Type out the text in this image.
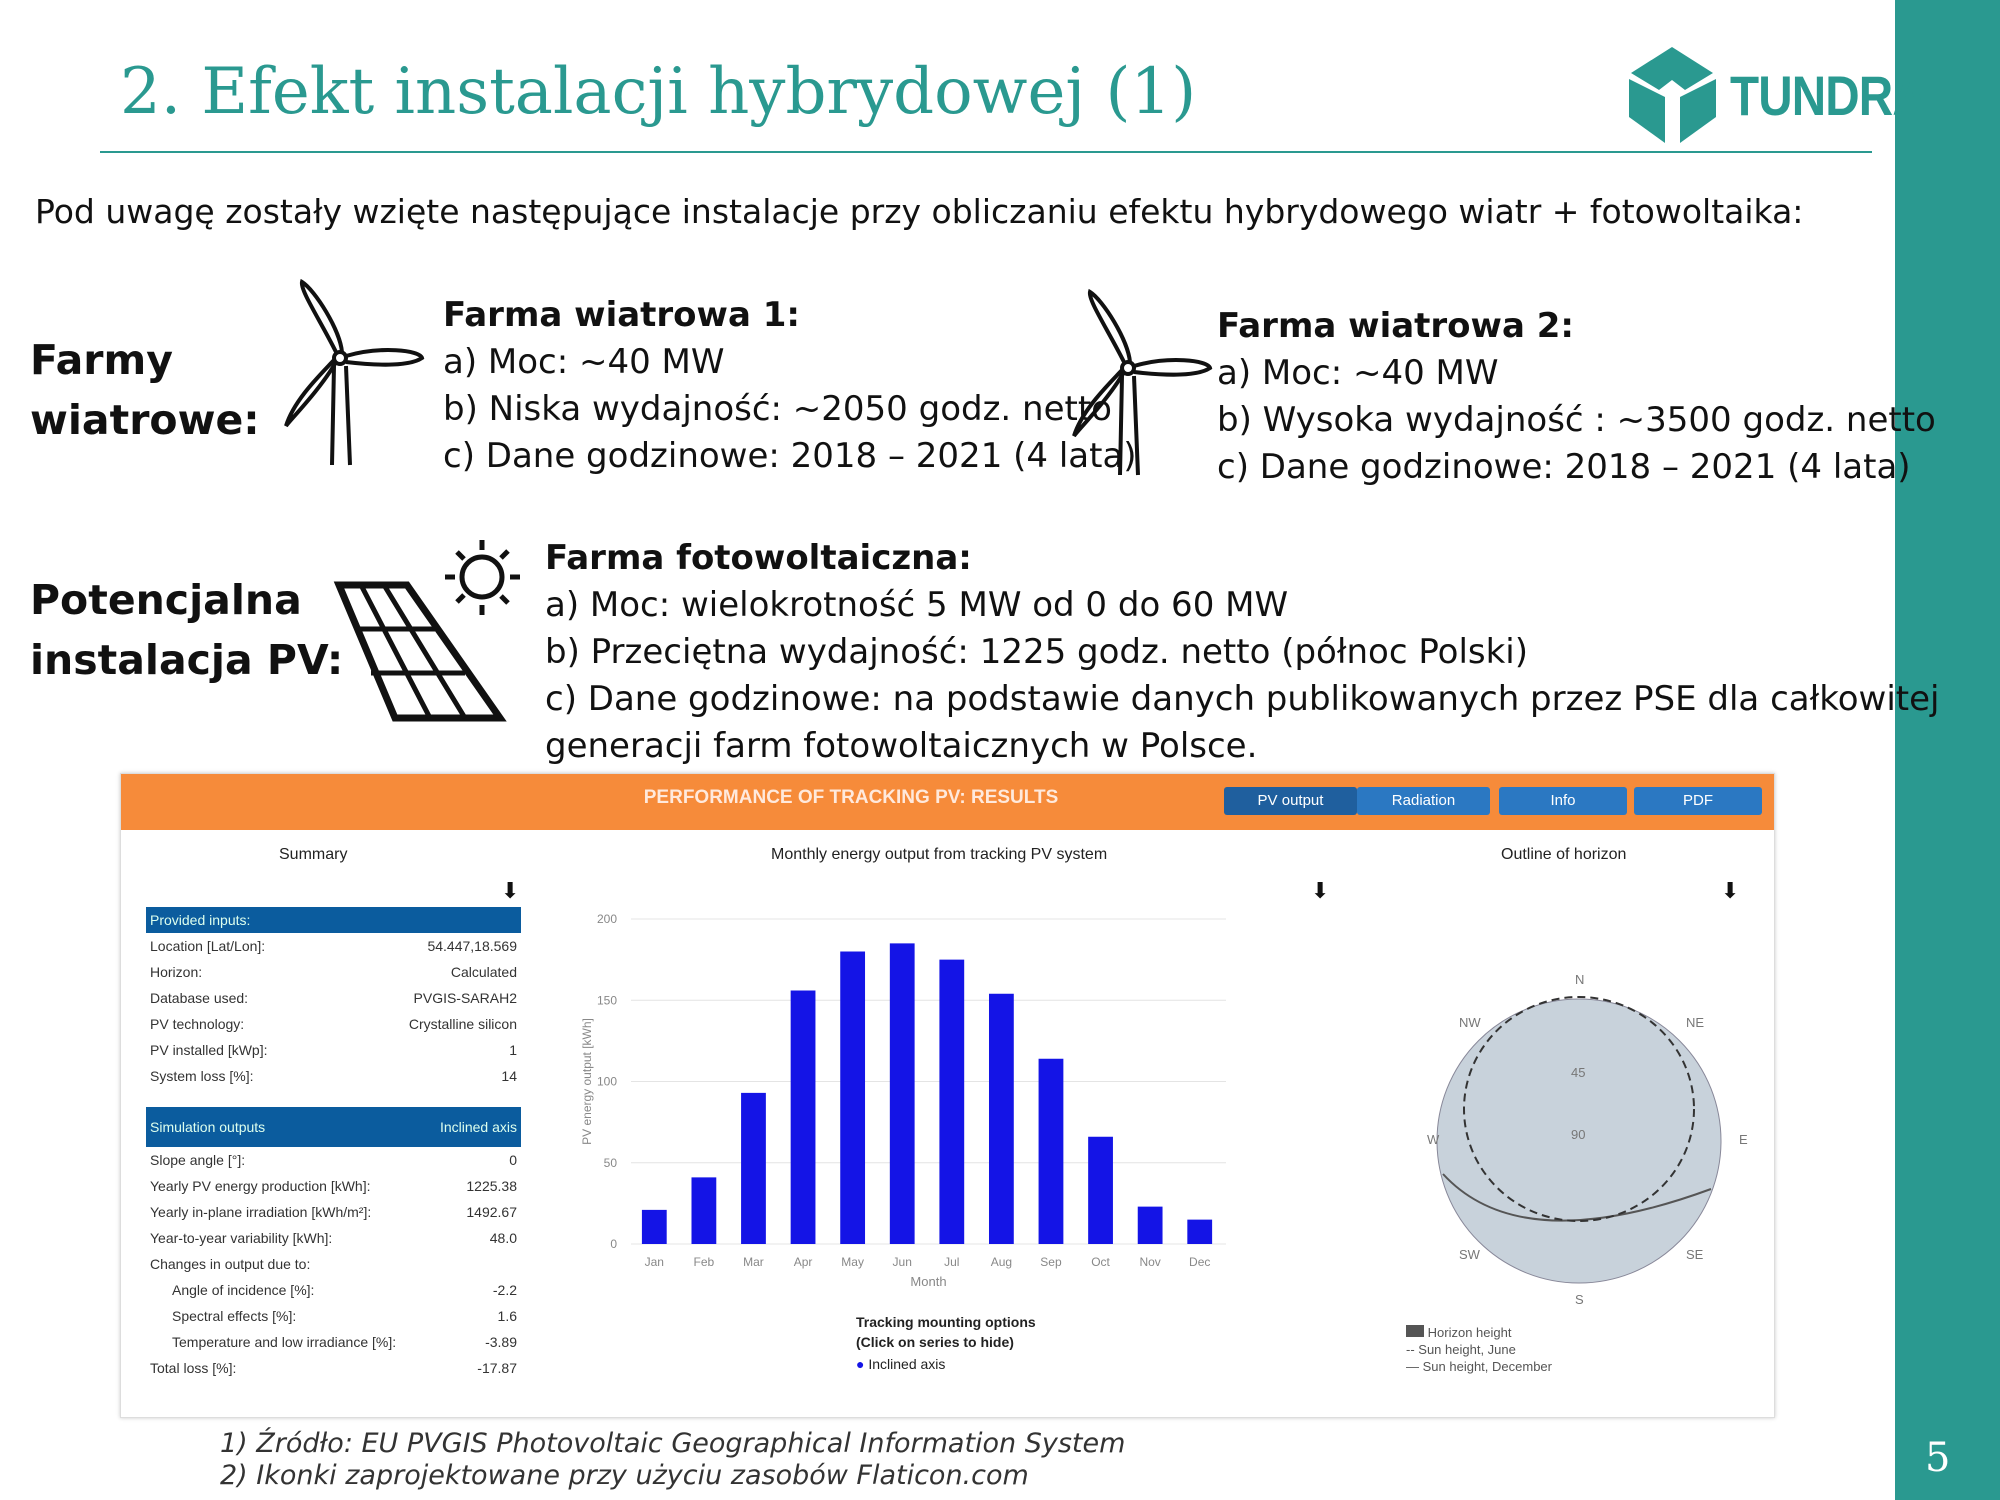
5
2. Efekt instalacji hybrydowej (1)	TUNDRA
Pod uwagę zostały wzięte następujące instalacje przy obliczaniu efektu hybrydowego wiatr + fotowoltaika:
Farmy
wiatrowe:
Farma wiatrowa 1:
a) Moc: ~40 MW
b) Niska wydajność: ~2050 godz. netto
c) Dane godzinowe: 2018 – 2021 (4 lata)
Farma wiatrowa 2:
a) Moc: ~40 MW
b) Wysoka wydajność : ~3500 godz. netto
c) Dane godzinowe: 2018 – 2021 (4 lata)
Potencjalna
instalacja PV:
Farma fotowoltaiczna:
a) Moc: wielokrotność 5 MW od 0 do 60 MW
b) Przeciętna wydajność: 1225 godz. netto (północ Polski)
c) Dane godzinowe: na podstawie danych publikowanych przez PSE dla całkowitej
generacji farm fotowoltaicznych w Polsce.
PERFORMANCE OF TRACKING PV: RESULTS	PV output	Radiation	Info	PDF
Summary
⬇
Provided inputs:
Location [Lat/Lon]:	54.447,18.569
Horizon:	Calculated
Database used:	PVGIS-SARAH2
PV technology:	Crystalline silicon
PV installed [kWp]:	1
System loss [%]:	14
Simulation outputs	Inclined axis
Slope angle [°]:	0
Yearly PV energy production [kWh]:	1225.38
Yearly in-plane irradiation [kWh/m²]:	1492.67
Year-to-year variability [kWh]:	48.0
Changes in output due to:
Angle of incidence [%]:	-2.2
Spectral effects [%]:	1.6
Temperature and low irradiance [%]:	-3.89
Total loss [%]:	-17.87
Monthly energy output from tracking PV system
⬇
0
50
100
150
200
Jan Feb Mar Apr May Jun	Jul	Aug Sep Oct Nov Dec
Month
PV energy output [kWh]
Tracking mounting options
(Click on series to hide)
● Inclined axis
Outline of horizon
⬇
N
NE
E
SE
S
SW
W
NW
45
90
Horizon height
-- Sun height, June
— Sun height, December
1) Źródło: EU PVGIS Photovoltaic Geographical Information System
2) Ikonki zaprojektowane przy użyciu zasobów Flaticon.com
